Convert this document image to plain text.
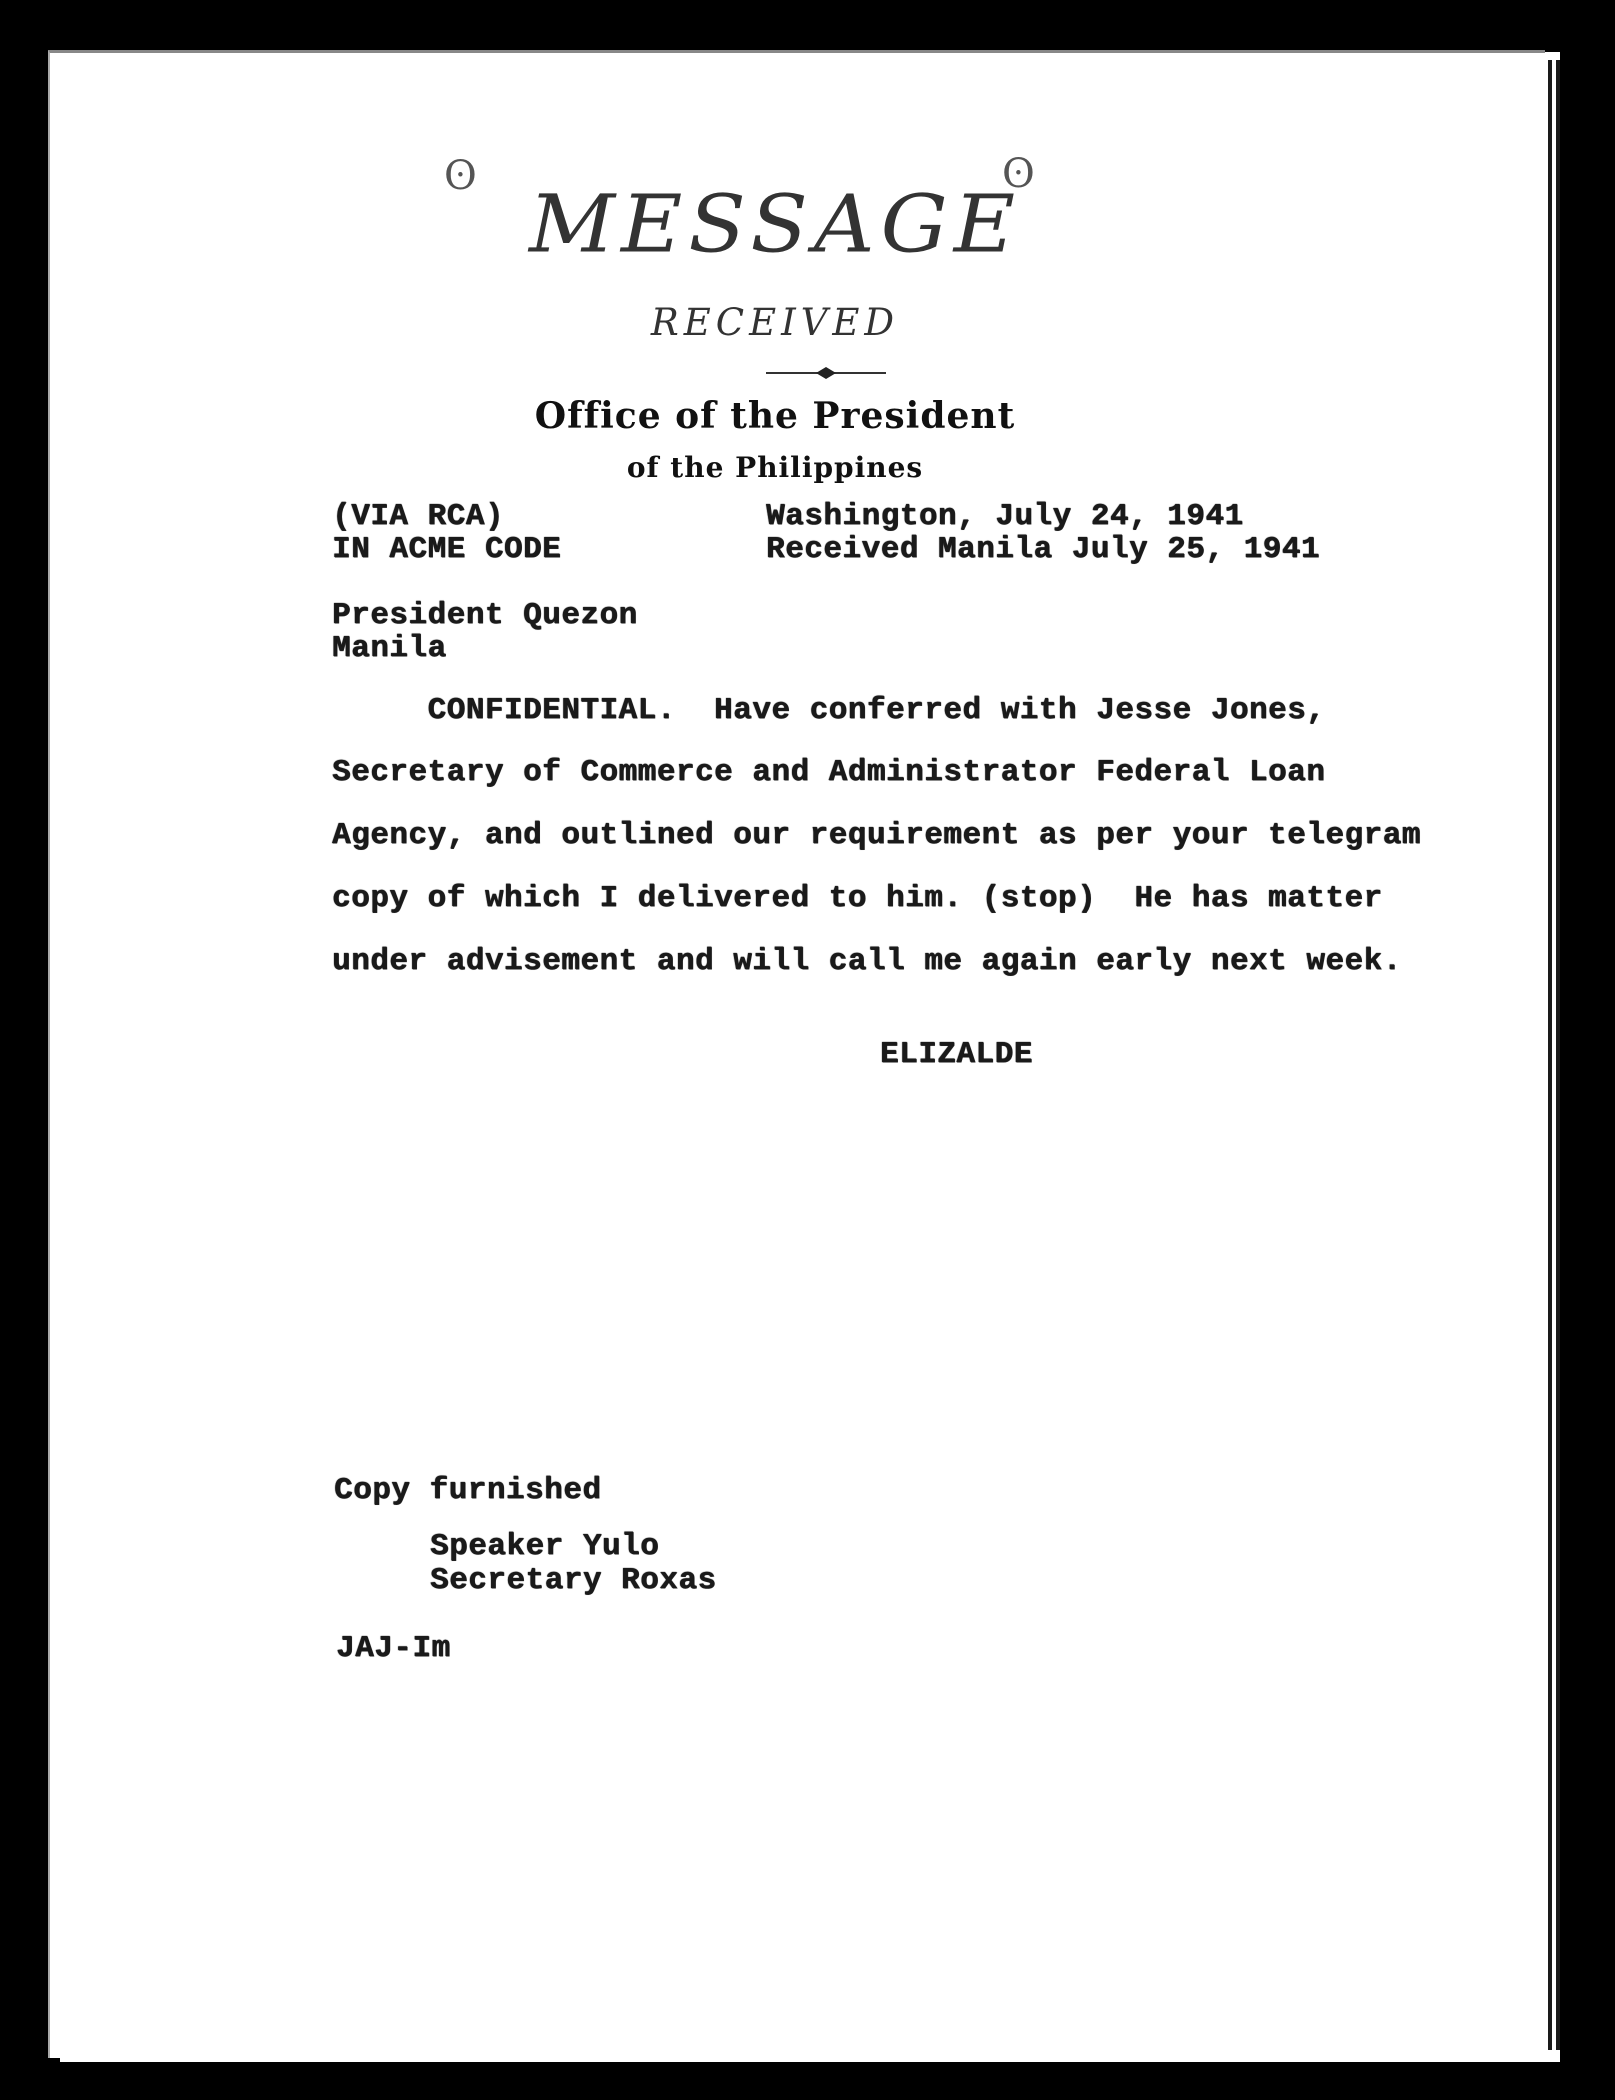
ʘ	ʘ
MESSAGE
RECEIVED
Office of the President
of the Philippines
(VIA RCA)
IN ACME CODE
Washington, July 24, 1941
Received Manila July 25, 1941
President Quezon
Manila
CONFIDENTIAL.  Have conferred with Jesse Jones,
Secretary of Commerce and Administrator Federal Loan
Agency, and outlined our requirement as per your telegram
copy of which I delivered to him. (stop)  He has matter
under advisement and will call me again early next week.
ELIZALDE
Copy furnished
Speaker Yulo
Secretary Roxas
JAJ-Im
